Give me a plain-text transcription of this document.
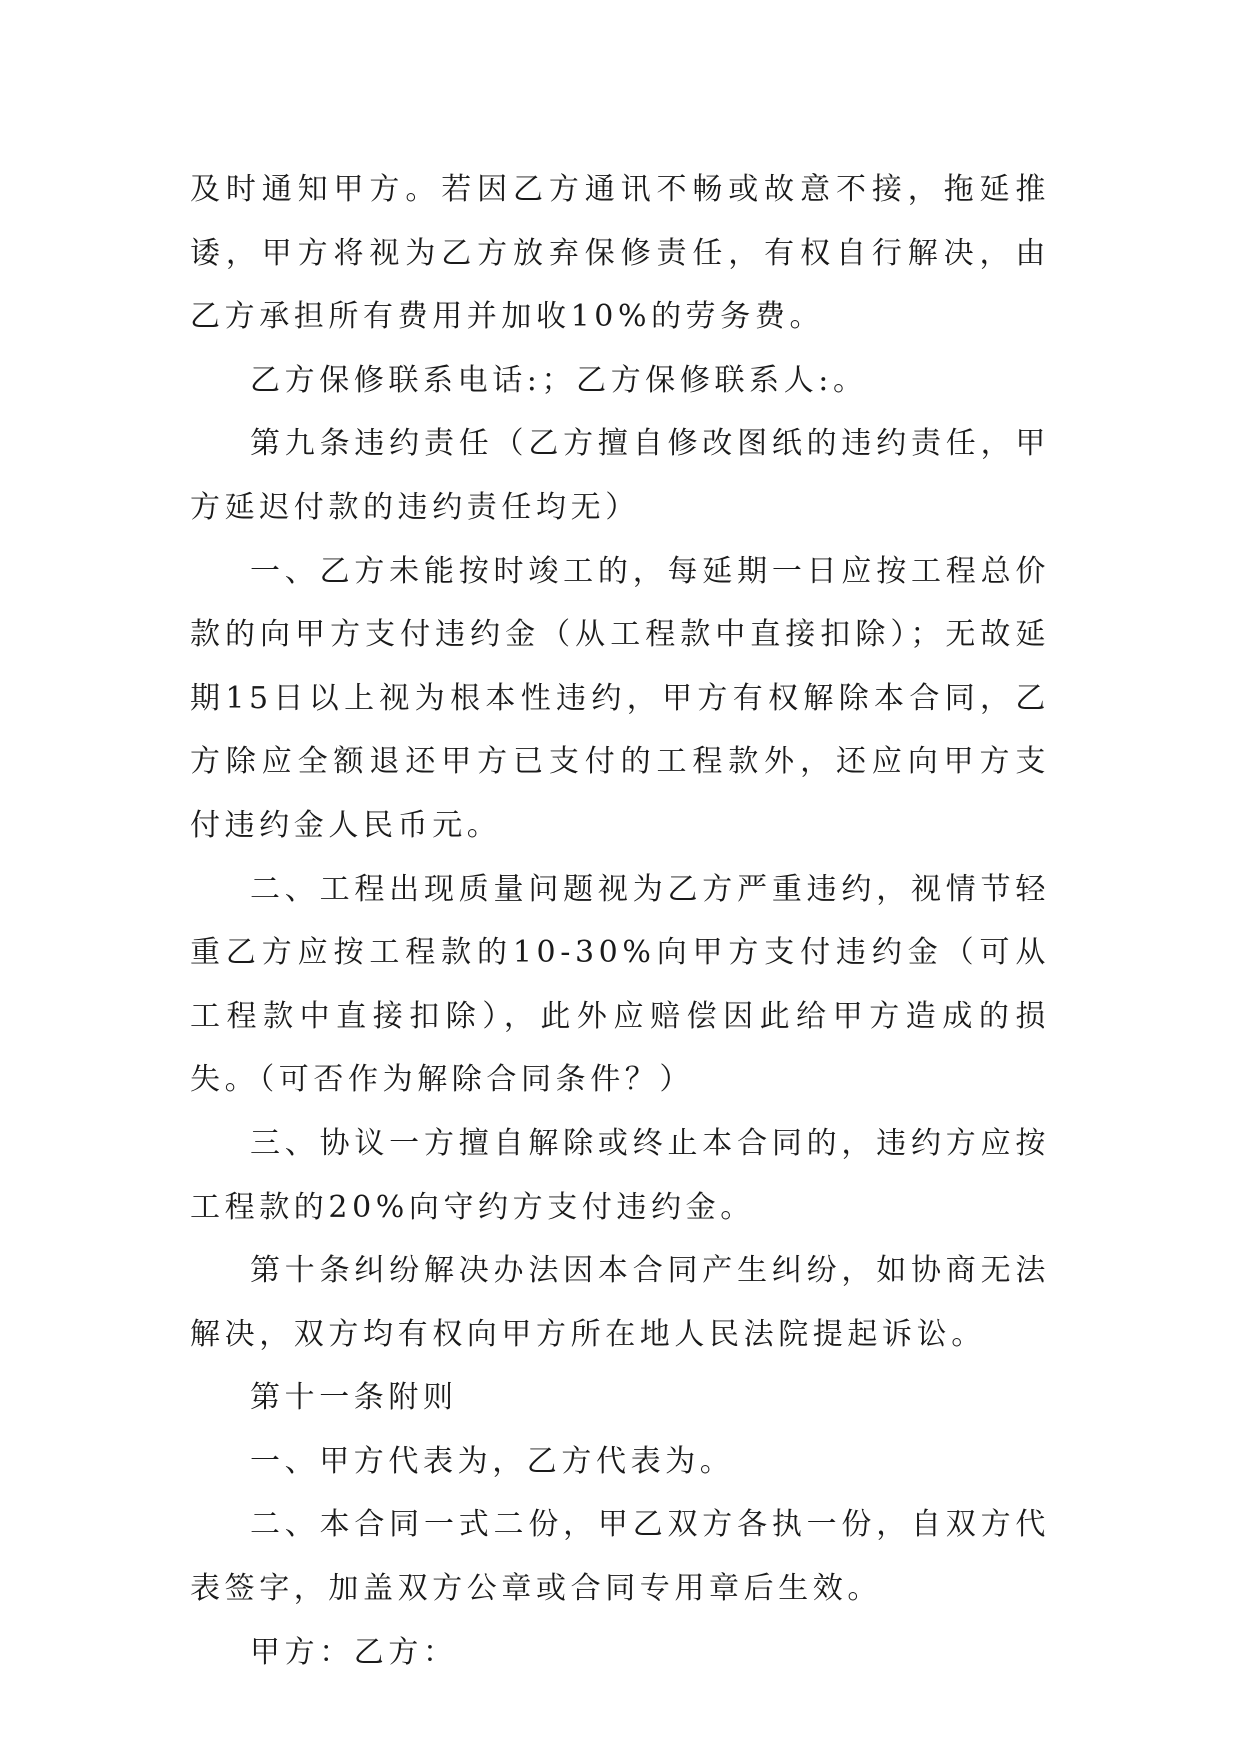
及时通知甲方。若因乙方通讯不畅或故意不接，拖延推诿，甲方将视为乙方放弃保修责任，有权自行解决，由乙方承担所有费用并加收10%的劳务费。

乙方保修联系电话:；乙方保修联系人:。

第九条违约责任（乙方擅自修改图纸的违约责任，甲方延迟付款的违约责任均无）

一、乙方未能按时竣工的，每延期一日应按工程总价款的向甲方支付违约金（从工程款中直接扣除）；无故延期15日以上视为根本性违约，甲方有权解除本合同，乙方除应全额退还甲方已支付的工程款外，还应向甲方支付违约金人民币元。

二、工程出现质量问题视为乙方严重违约，视情节轻重乙方应按工程款的10-30%向甲方支付违约金（可从工程款中直接扣除），此外应赔偿因此给甲方造成的损失。（可否作为解除合同条件？）

三、协议一方擅自解除或终止本合同的，违约方应按工程款的20%向守约方支付违约金。

第十条纠纷解决办法因本合同产生纠纷，如协商无法解决，双方均有权向甲方所在地人民法院提起诉讼。

第十一条附则

一、甲方代表为，乙方代表为。

二、本合同一式二份，甲乙双方各执一份，自双方代表签字，加盖双方公章或合同专用章后生效。

甲方：乙方：
